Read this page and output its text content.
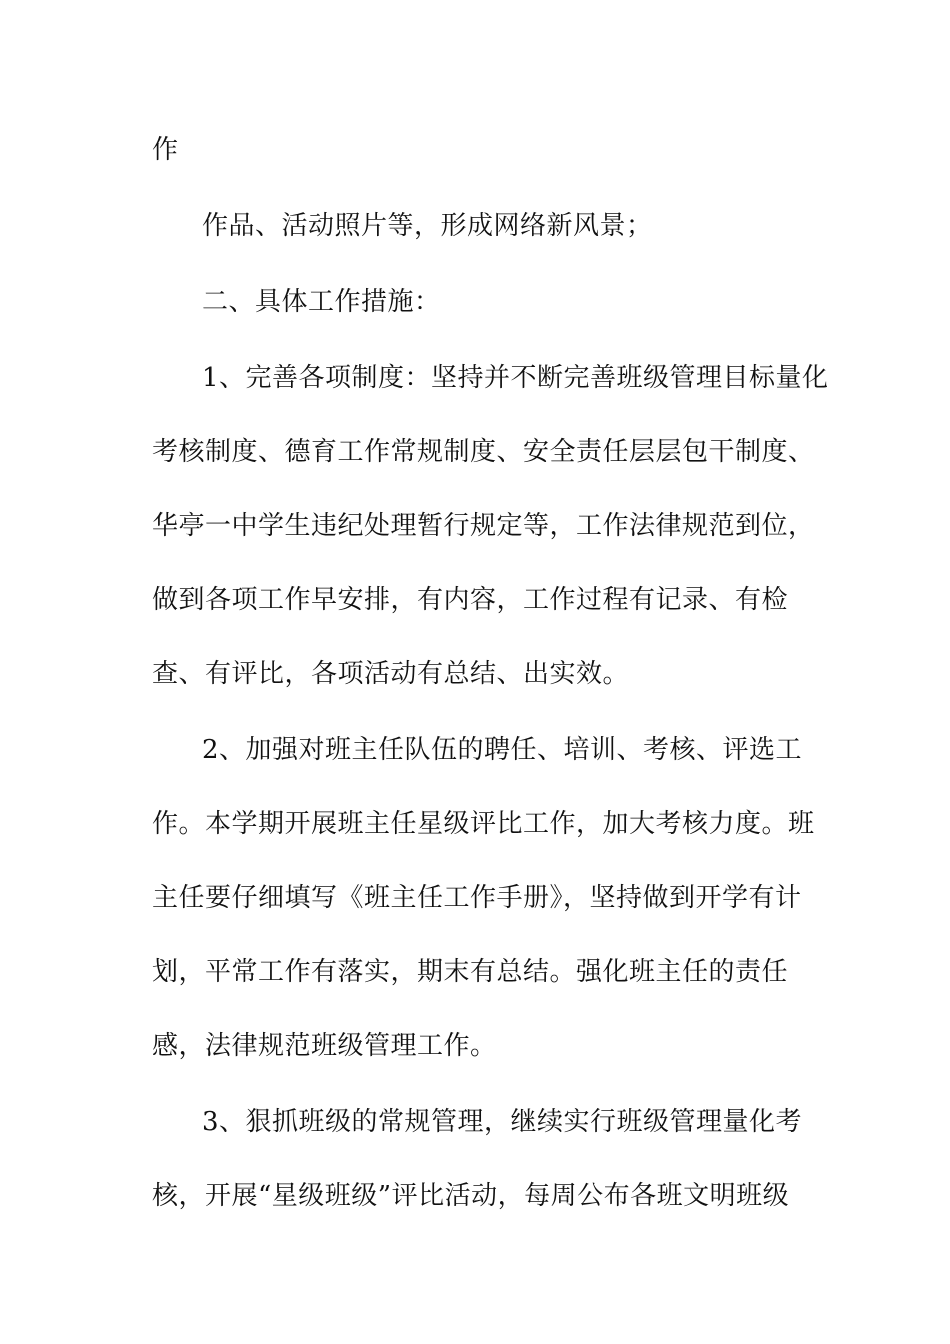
作
作品、活动照片等，形成网络新风景；
二、具体工作措施：
1、完善各项制度：坚持并不断完善班级管理目标量化
考核制度、德育工作常规制度、安全责任层层包干制度、
华亭一中学生违纪处理暂行规定等，工作法律规范到位，
做到各项工作早安排，有内容，工作过程有记录、有检
查、有评比，各项活动有总结、出实效。
2、加强对班主任队伍的聘任、培训、考核、评选工
作。本学期开展班主任星级评比工作，加大考核力度。班
主任要仔细填写《班主任工作手册》，坚持做到开学有计
划，平常工作有落实，期末有总结。强化班主任的责任
感，法律规范班级管理工作。
3、狠抓班级的常规管理，继续实行班级管理量化考
核，开展“星级班级”评比活动，每周公布各班文明班级
